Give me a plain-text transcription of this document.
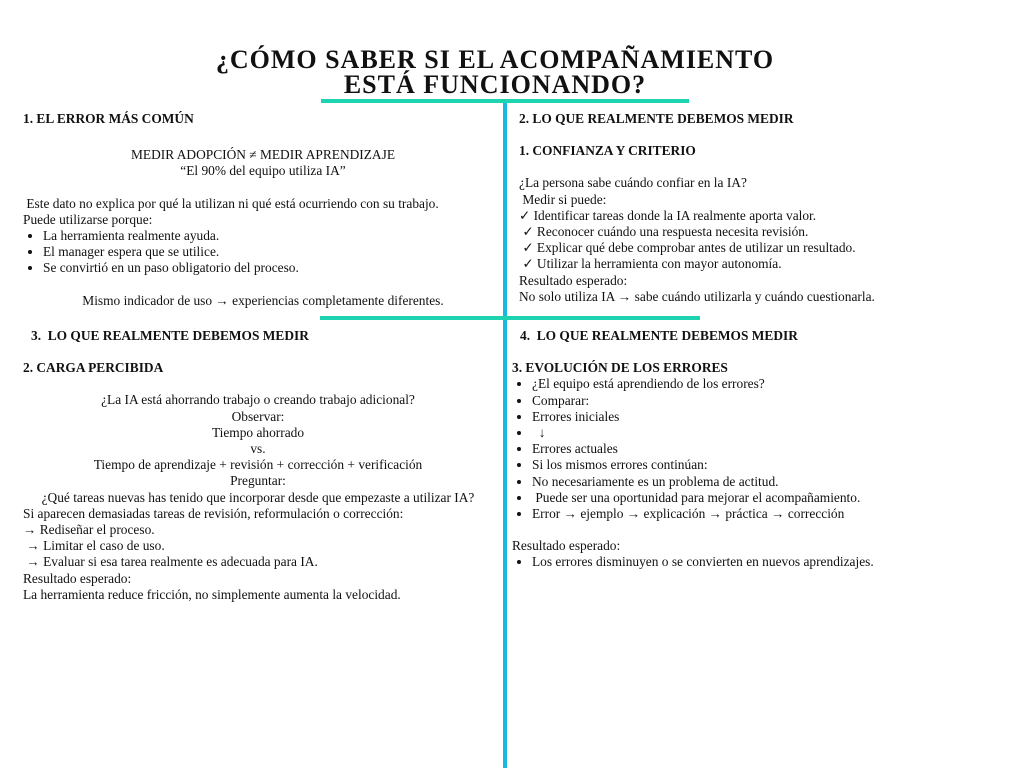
¿CÓMO SABER SI EL ACOMPAÑAMIENTO
ESTÁ FUNCIONANDO?

1. EL ERROR MÁS COMÚN

MEDIR ADOPCIÓN ≠ MEDIR APRENDIZAJE

“El 90% del equipo utiliza IA”

Este dato no explica por qué la utilizan ni qué está ocurriendo con su trabajo.

Puede utilizarse porque:

• La herramienta realmente ayuda.
• El manager espera que se utilice.
• Se convirtió en un paso obligatorio del proceso.

Mismo indicador de uso → experiencias completamente diferentes.

2. LO QUE REALMENTE DEBEMOS MEDIR

1. CONFIANZA Y CRITERIO

¿La persona sabe cuándo confiar en la IA?

Medir si puede:

✓ Identificar tareas donde la IA realmente aporta valor.

✓ Reconocer cuándo una respuesta necesita revisión.

✓ Explicar qué debe comprobar antes de utilizar un resultado.

✓ Utilizar la herramienta con mayor autonomía.

Resultado esperado:

No solo utiliza IA → sabe cuándo utilizarla y cuándo cuestionarla.

3.  LO QUE REALMENTE DEBEMOS MEDIR

2. CARGA PERCIBIDA

¿La IA está ahorrando trabajo o creando trabajo adicional?

Observar:

Tiempo ahorrado

vs.

Tiempo de aprendizaje + revisión + corrección + verificación

Preguntar:

¿Qué tareas nuevas has tenido que incorporar desde que empezaste a utilizar IA?

Si aparecen demasiadas tareas de revisión, reformulación o corrección:

→ Rediseñar el proceso.

→ Limitar el caso de uso.

→ Evaluar si esa tarea realmente es adecuada para IA.

Resultado esperado:

La herramienta reduce fricción, no simplemente aumenta la velocidad.

4.  LO QUE REALMENTE DEBEMOS MEDIR

3. EVOLUCIÓN DE LOS ERRORES

• ¿El equipo está aprendiendo de los errores?
• Comparar:
• Errores iniciales
•   ↓
• Errores actuales
• Si los mismos errores continúan:
• No necesariamente es un problema de actitud.
•  Puede ser una oportunidad para mejorar el acompañamiento.
• Error → ejemplo → explicación → práctica → corrección

Resultado esperado:

• Los errores disminuyen o se convierten en nuevos aprendizajes.
